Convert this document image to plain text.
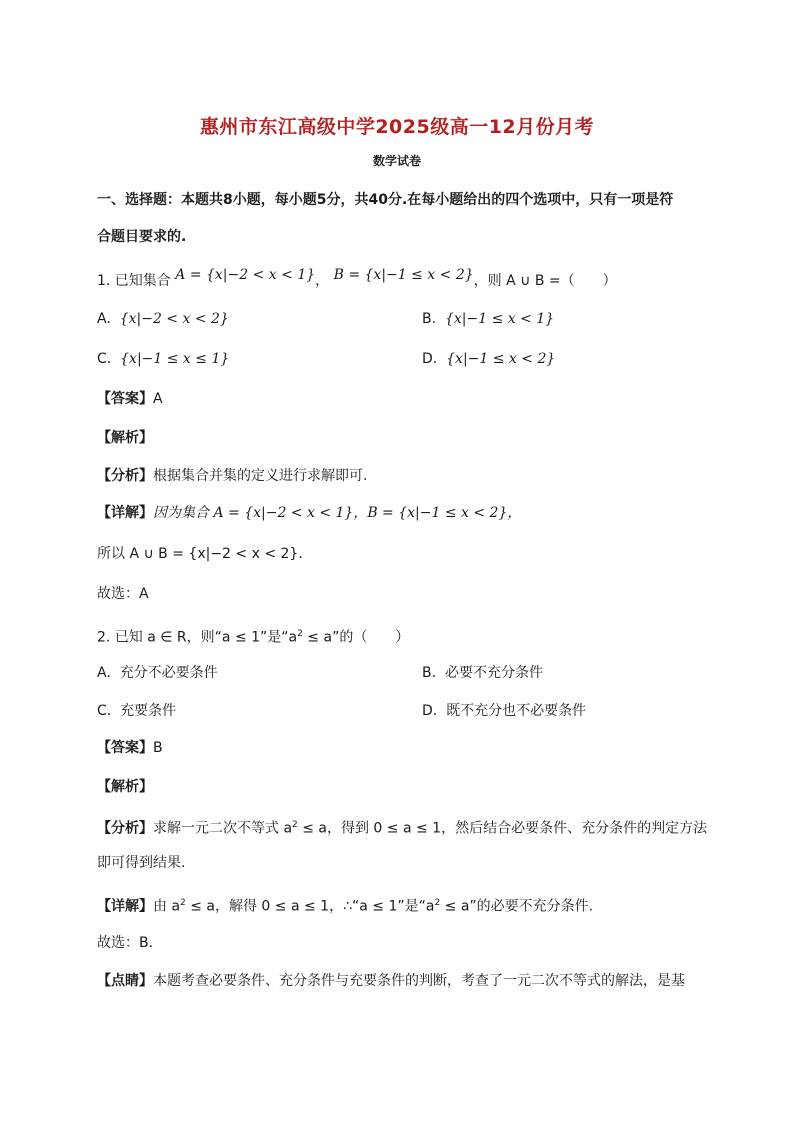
惠州市东江高级中学2025级高一12月份月考
数学试卷
一、选择题：本题共8小题，每小题5分，共40分.在每小题给出的四个选项中，只有一项是符
合题目要求的.
1. 已知集合 A = {x|−2 < x < 1}， B = {x|−1 ≤ x < 2}，则 A ∪ B =（　　）
A. {x|−2 < x < 2}	B. {x|−1 ≤ x < 1}
C. {x|−1 ≤ x ≤ 1}	D. {x|−1 ≤ x < 2}
【答案】A
【解析】
【分析】根据集合并集的定义进行求解即可.
【详解】因为集合 A = {x|−2 < x < 1}，B = {x|−1 ≤ x < 2}，
所以 A ∪ B = {x|−2 < x < 2}.
故选：A
2. 已知 a ∈ R，则“a ≤ 1”是“$a^2 \le a$”的（　　）
A. 充分不必要条件	B. 必要不充分条件
C. 充要条件	D. 既不充分也不必要条件
【答案】B
【解析】
【分析】求解一元二次不等式 $a^2 \le a$，得到 0 ≤ a ≤ 1，然后结合必要条件、充分条件的判定方法
即可得到结果.
【详解】由 $a^2 \le a$，解得 0 ≤ a ≤ 1，∴“a ≤ 1”是“$a^2 \le a$”的必要不充分条件.
故选：B．
【点睛】本题考查必要条件、充分条件与充要条件的判断，考查了一元二次不等式的解法，是基
